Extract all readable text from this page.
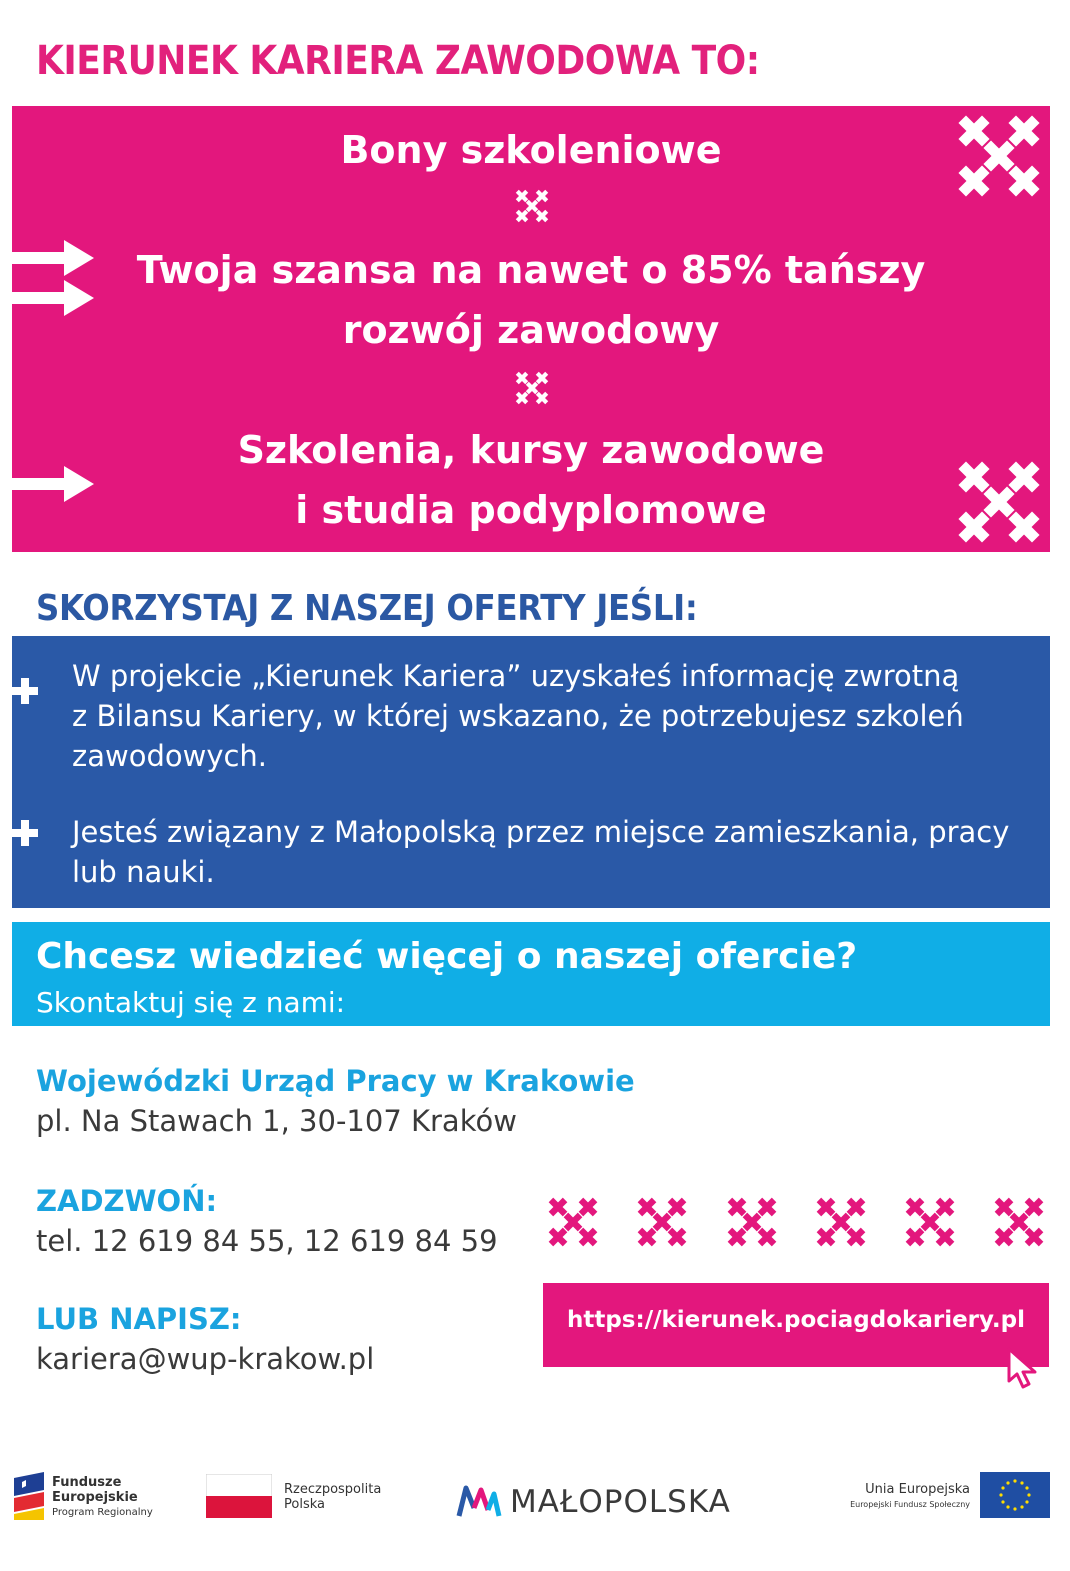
KIERUNEK KARIERA ZAWODOWA TO:
Bony szkoleniowe
Twoja szansa na nawet o 85% tańszy
rozwój zawodowy
Szkolenia, kursy zawodowe
i studia podyplomowe
SKORZYSTAJ Z NASZEJ OFERTY JEŚLI:
W projekcie „Kierunek Kariera” uzyskałeś informację zwrotną
z Bilansu Kariery, w której wskazano, że potrzebujesz szkoleń
zawodowych.
Jesteś związany z Małopolską przez miejsce zamieszkania, pracy
lub nauki.
Chcesz wiedzieć więcej o naszej ofercie?
Skontaktuj się z nami:
Wojewódzki Urząd Pracy w Krakowie
pl. Na Stawach 1, 30-107 Kraków
ZADZWOŃ:
tel. 12 619 84 55, 12 619 84 59
LUB NAPISZ:
kariera@wup-krakow.pl
https://kierunek.pociagdokariery.pl
Fundusze
Europejskie
Program Regionalny
Rzeczpospolita
Polska	MAŁOPOLSKA	Unia Europejska
Europejski Fundusz Społeczny
